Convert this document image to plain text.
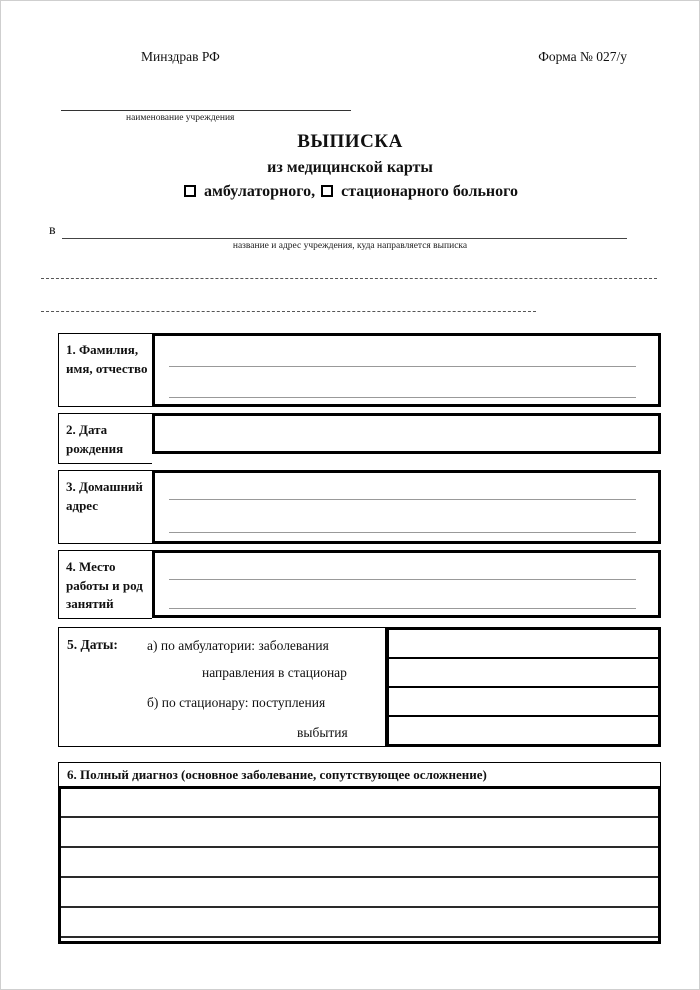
Минздрав РФ	Форма № 027/у
наименование учреждения
ВЫПИСКА
из медицинской карты
амбулаторного, стационарного больного
в
название и адрес учреждения, куда направляется выписка
1. Фамилия, имя, отчество
2. Дата рождения
3. Домашний адрес
4. Место работы и род занятий
5. Даты:	а) по амбулатории: заболевания
направления в стационар
б) по стационару: поступления
выбытия
6. Полный диагноз (основное заболевание, сопутствующее осложнение)
